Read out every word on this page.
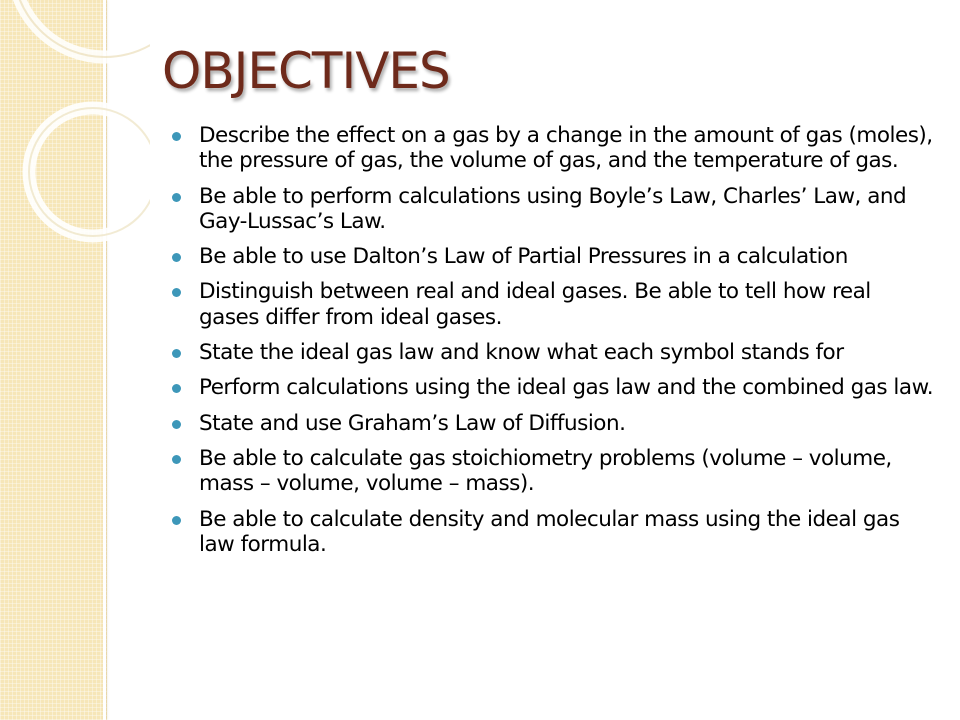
OBJECTIVES
Describe the effect on a gas by a change in the amount of gas (moles), the pressure of gas, the volume of gas, and the temperature of gas.
Be able to perform calculations using Boyle’s Law, Charles’ Law, and Gay-Lussac’s Law.
Be able to use Dalton’s Law of Partial Pressures in a calculation
Distinguish between real and ideal gases. Be able to tell how real gases differ from ideal gases.
State the ideal gas law and know what each symbol stands for
Perform calculations using the ideal gas law and the combined gas law.
State and use Graham’s Law of Diffusion.
Be able to calculate gas stoichiometry problems (volume – volume, mass – volume, volume – mass).
Be able to calculate density and molecular mass using the ideal gas law formula.
